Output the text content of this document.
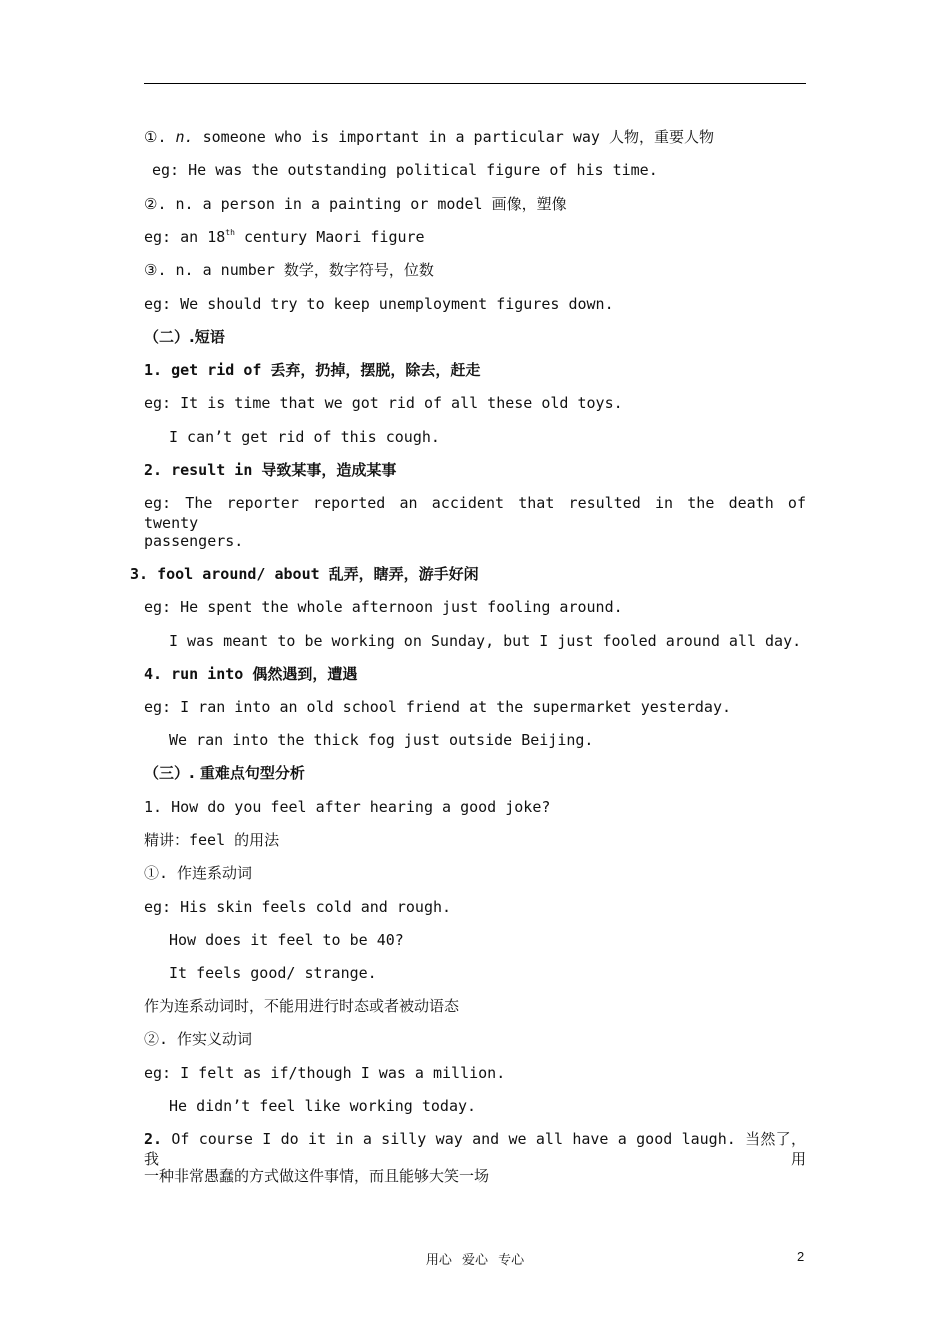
①. n. someone who is important in a particular way 人物，重要人物
eg: He was the outstanding political figure of his time.
②. n. a person in a painting or model 画像，塑像
eg: an 18th century Maori figure
③. n. a number 数学，数字符号，位数
eg: We should try to keep unemployment figures down.
（二）.短语
1. get rid of 丢弃，扔掉，摆脱，除去，赶走
eg: It is time that we got rid of all these old toys.
I can’t get rid of this cough.
2. result in 导致某事，造成某事
eg: The reporter reported an accident that resulted in the death of twenty
passengers.
3. fool around/ about 乱弄，瞎弄，游手好闲
eg: He spent the whole afternoon just fooling around.
I was meant to be working on Sunday, but I just fooled around all day.
4. run into 偶然遇到，遭遇
eg: I ran into an old school friend at the supermarket yesterday.
We ran into the thick fog just outside Beijing.
（三）. 重难点句型分析
1. How do you feel after hearing a good joke?
精讲：feel 的用法
①. 作连系动词
eg: His skin feels cold and rough.
How does it feel to be 40?
It feels good/ strange.
作为连系动词时，不能用进行时态或者被动语态
②. 作实义动词
eg: I felt as if/though I was a million.
He didn’t feel like working today.
2. Of course I do it in a silly way and we all have a good laugh. 当然了，我用
一种非常愚蠢的方式做这件事情，而且能够大笑一场
用心 爱心 专心	2
